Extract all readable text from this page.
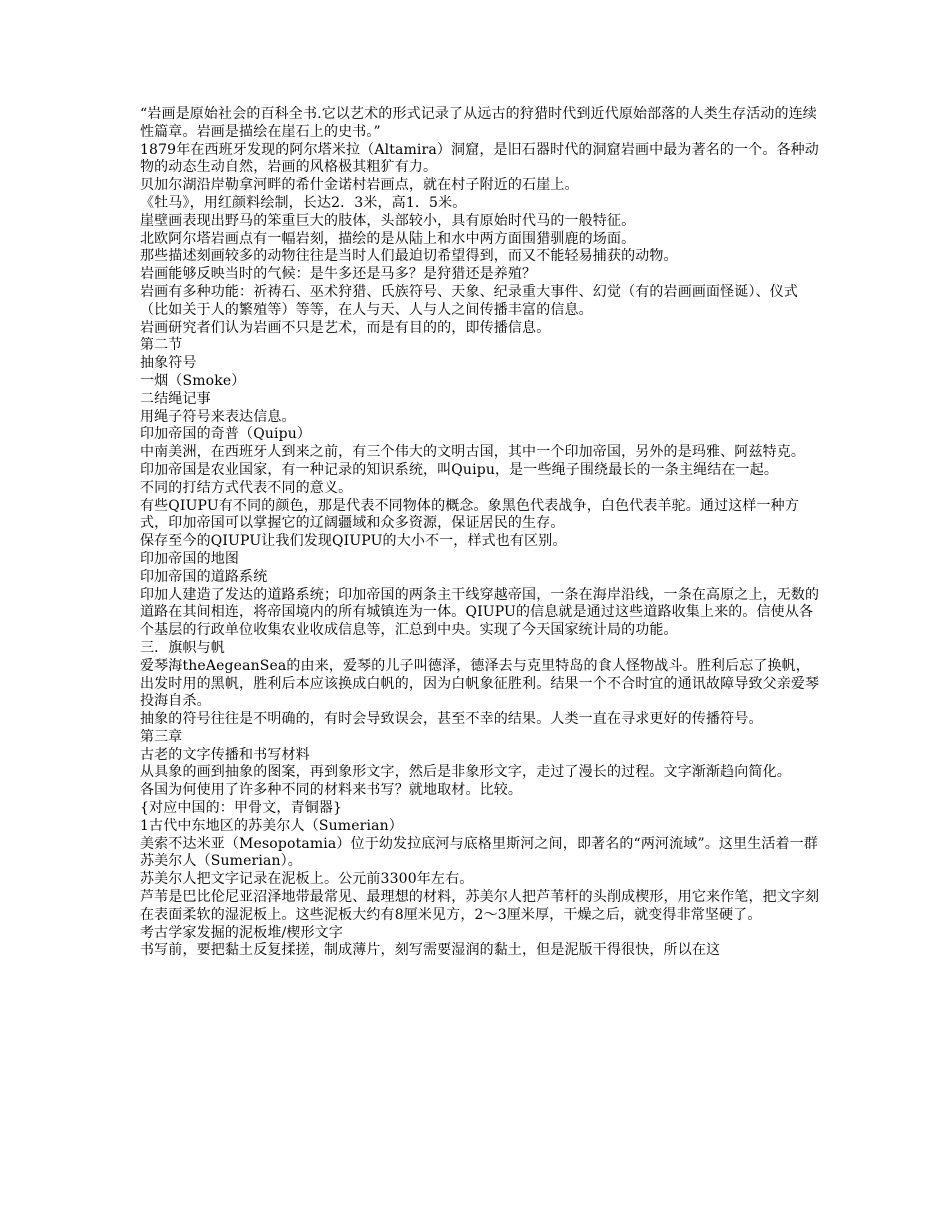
“岩画是原始社会的百科全书.它以艺术的形式记录了从远古的狩猎时代到近代原始部落的人类生存活动的连续性篇章。岩画是描绘在崖石上的史书。”

1879年在西班牙发现的阿尔塔米拉（Altamira）洞窟，是旧石器时代的洞窟岩画中最为著名的一个。各种动物的动态生动自然，岩画的风格极其粗犷有力。

贝加尔湖沿岸勒拿河畔的希什金诺村岩画点，就在村子附近的石崖上。

《牡马》，用红颜料绘制，长达2．3米，高1．5米。

崖壁画表现出野马的笨重巨大的肢体，头部较小，具有原始时代马的一般特征。

北欧阿尔塔岩画点有一幅岩刻，描绘的是从陆上和水中两方面围猎驯鹿的场面。

那些描述刻画较多的动物往往是当时人们最迫切希望得到，而又不能轻易捕获的动物。

岩画能够反映当时的气候：是牛多还是马多？是狩猎还是养殖？

岩画有多种功能：祈祷石、巫术狩猎、氏族符号、天象、纪录重大事件、幻觉（有的岩画画面怪诞）、仪式（比如关于人的繁殖等）等等，在人与天、人与人之间传播丰富的信息。

岩画研究者们认为岩画不只是艺术，而是有目的的，即传播信息。

第二节

抽象符号

一烟（Smoke）

二结绳记事

用绳子符号来表达信息。

印加帝国的奇普（Quipu）

中南美洲，在西班牙人到来之前，有三个伟大的文明古国，其中一个印加帝国，另外的是玛雅、阿兹特克。

印加帝国是农业国家，有一种记录的知识系统，叫Quipu，是一些绳子围绕最长的一条主绳结在一起。

不同的打结方式代表不同的意义。

有些QIUPU有不同的颜色，那是代表不同物体的概念。象黑色代表战争，白色代表羊驼。通过这样一种方式，印加帝国可以掌握它的辽阔疆域和众多资源，保证居民的生存。

保存至今的QIUPU让我们发现QIUPU的大小不一，样式也有区别。

印加帝国的地图

印加帝国的道路系统

印加人建造了发达的道路系统；印加帝国的两条主干线穿越帝国，一条在海岸沿线，一条在高原之上，无数的道路在其间相连，将帝国境内的所有城镇连为一体。QIUPU的信息就是通过这些道路收集上来的。信使从各个基层的行政单位收集农业收成信息等，汇总到中央。实现了今天国家统计局的功能。

三．旗帜与帆

爱琴海theAegeanSea的由来，爱琴的儿子叫德泽，德泽去与克里特岛的食人怪物战斗。胜利后忘了换帆，出发时用的黑帆，胜利后本应该换成白帆的，因为白帆象征胜利。结果一个不合时宜的通讯故障导致父亲爱琴投海自杀。

抽象的符号往往是不明确的，有时会导致误会，甚至不幸的结果。人类一直在寻求更好的传播符号。

第三章

古老的文字传播和书写材料

从具象的画到抽象的图案，再到象形文字，然后是非象形文字，走过了漫长的过程。文字渐渐趋向简化。

各国为何使用了许多种不同的材料来书写？就地取材。比较。

{对应中国的：甲骨文，青铜器}

1古代中东地区的苏美尔人（Sumerian）

美索不达米亚（Mesopotamia）位于幼发拉底河与底格里斯河之间，即著名的“两河流域”。这里生活着一群苏美尔人（Sumerian）。

苏美尔人把文字记录在泥板上。公元前3300年左右。

芦苇是巴比伦尼亚沼泽地带最常见、最理想的材料，苏美尔人把芦苇杆的头削成楔形，用它来作笔，把文字刻在表面柔软的湿泥板上。这些泥板大约有8厘米见方，2～3厘米厚，干燥之后，就变得非常坚硬了。

考古学家发掘的泥板堆/楔形文字

书写前，要把黏土反复揉搓，制成薄片，刻写需要湿润的黏土，但是泥版干得很快，所以在这
